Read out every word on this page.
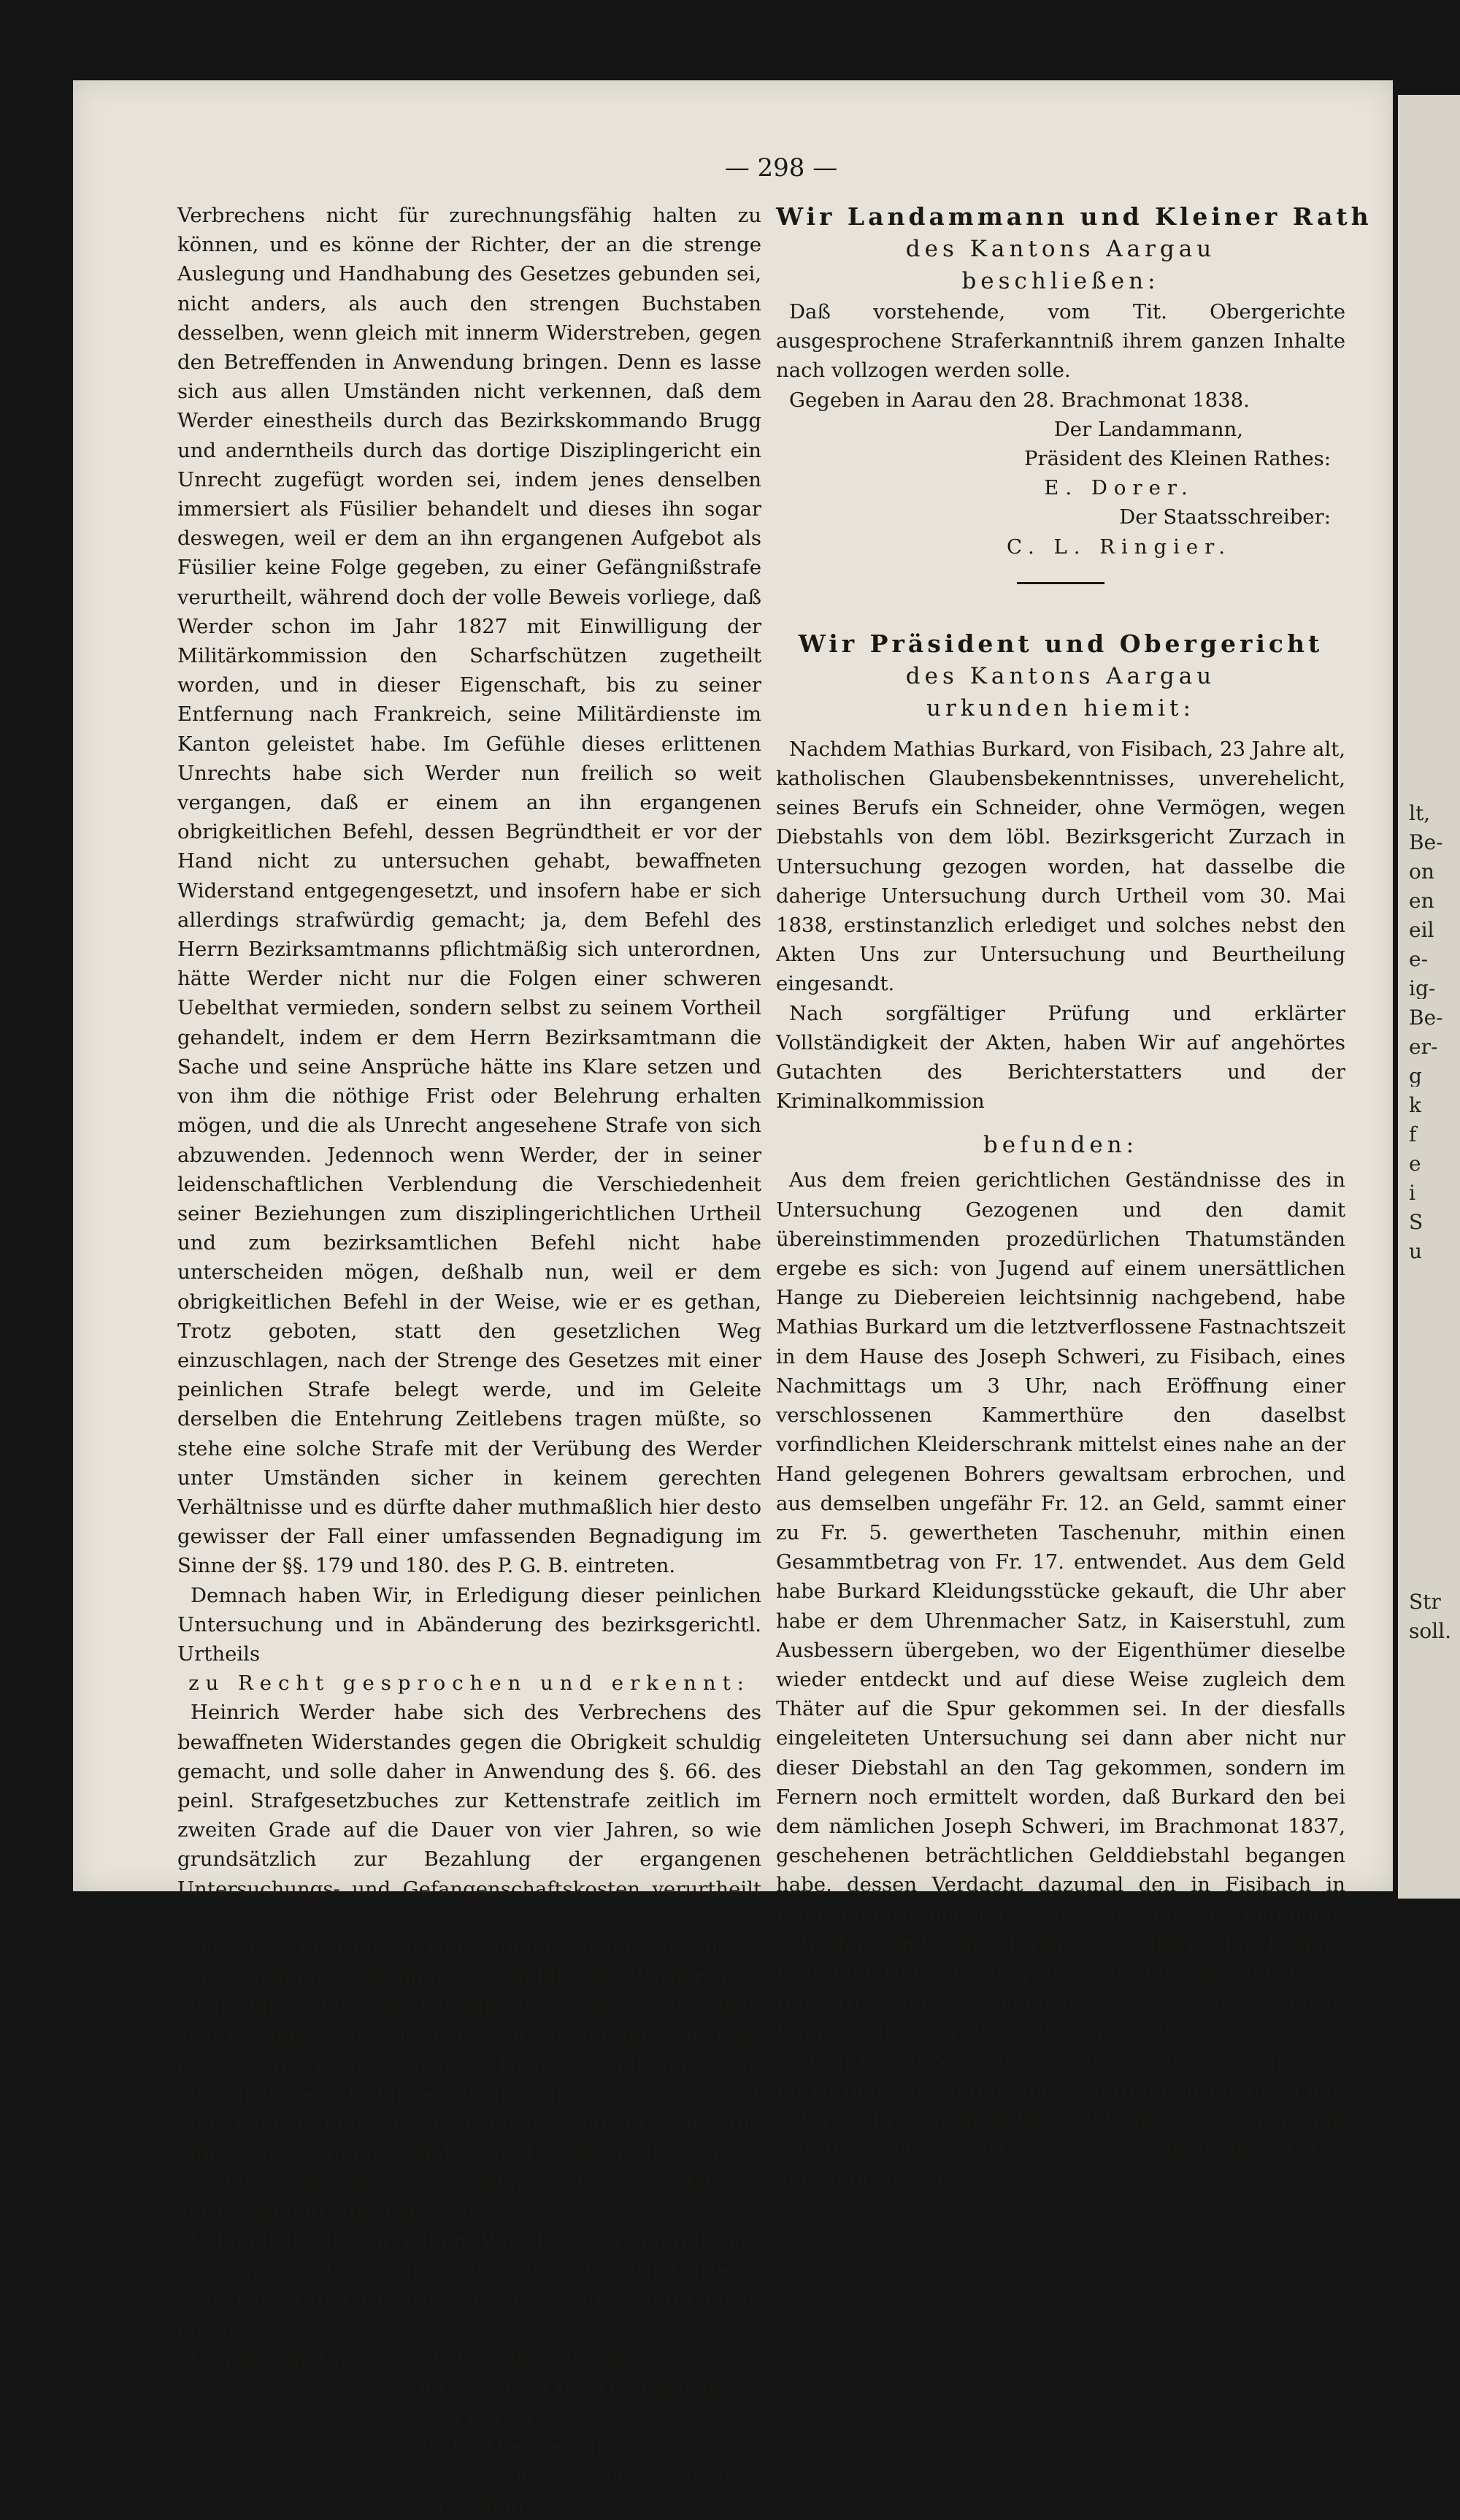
lt,
Be-
on
en
eil
e-
ig-
Be-
er-
g
k
f
e
i
S
u
Str
soll.
— 298 —

Verbrechens nicht für zurechnungsfähig halten zu können, und es könne der Richter, der an die strenge Auslegung und Handhabung des Gesetzes gebunden sei, nicht anders, als auch den strengen Buchstaben desselben, wenn gleich mit innerm Widerstreben, gegen den Betreffenden in Anwendung bringen. Denn es lasse sich aus allen Umständen nicht verkennen, daß dem Werder einestheils durch das Bezirkskommando Brugg und anderntheils durch das dortige Disziplingericht ein Unrecht zugefügt worden sei, indem jenes denselben immersiert als Füsilier behandelt und dieses ihn sogar deswegen, weil er dem an ihn ergangenen Aufgebot als Füsilier keine Folge gegeben, zu einer Gefängnißstrafe verurtheilt, während doch der volle Beweis vorliege, daß Werder schon im Jahr 1827 mit Einwilligung der Militärkommission den Scharfschützen zugetheilt worden, und in dieser Eigenschaft, bis zu seiner Entfernung nach Frankreich, seine Militärdienste im Kanton geleistet habe. Im Gefühle dieses erlittenen Unrechts habe sich Werder nun freilich so weit vergangen, daß er einem an ihn ergangenen obrigkeitlichen Befehl, dessen Begründtheit er vor der Hand nicht zu untersuchen gehabt, bewaffneten Widerstand entgegengesetzt, und insofern habe er sich allerdings strafwürdig gemacht; ja, dem Befehl des Herrn Bezirksamtmanns pflichtmäßig sich unterordnen, hätte Werder nicht nur die Folgen einer schweren Uebelthat vermieden, sondern selbst zu seinem Vortheil gehandelt, indem er dem Herrn Bezirksamtmann die Sache und seine Ansprüche hätte ins Klare setzen und von ihm die nöthige Frist oder Belehrung erhalten mögen, und die als Unrecht angesehene Strafe von sich abzuwenden. Jedennoch wenn Werder, der in seiner leidenschaftlichen Verblendung die Verschiedenheit seiner Beziehungen zum disziplingerichtlichen Urtheil und zum bezirksamtlichen Befehl nicht habe unterscheiden mögen, deßhalb nun, weil er dem obrigkeitlichen Befehl in der Weise, wie er es gethan, Trotz geboten, statt den gesetzlichen Weg einzuschlagen, nach der Strenge des Gesetzes mit einer peinlichen Strafe belegt werde, und im Geleite derselben die Entehrung Zeitlebens tragen müßte, so stehe eine solche Strafe mit der Verübung des Werder unter Umständen sicher in keinem gerechten Verhältnisse und es dürfte daher muthmaßlich hier desto gewisser der Fall einer umfassenden Begnadigung im Sinne der §§. 179 und 180. des P. G. B. eintreten.

Demnach haben Wir, in Erledigung dieser peinlichen Untersuchung und in Abänderung des bezirksgerichtl. Urtheils

zu Recht gesprochen und erkennt:

Heinrich Werder habe sich des Verbrechens des bewaffneten Widerstandes gegen die Obrigkeit schuldig gemacht, und solle daher in Anwendung des §. 66. des peinl. Strafgesetzbuches zur Kettenstrafe zeitlich im zweiten Grade auf die Dauer von vier Jahren, so wie grundsätzlich zur Bezahlung der ergangenen Untersuchungs- und Gefangenschaftskosten verurtheilt sein.

Da der obergerichtliche Endentscheid in dieser Untersuchungssache ohne Verschulden des Werder, aber auch ohne Schuld des Obergerichts ungewöhnlich lang sich verzögert, so solle dem Verurtheilten die vom Tage der untergerichtlichen Urtheilsausfällung an ausgehaltene Gefangenschaft an der Strafzeit abgerechnet und er auch nicht schuldig sein, die daherigen Gefangenschafts- und Nahrungskosten zu bezahlen; dieselben seien vielmehr der Gerichtskasse zur Bezahlung auferlegt. V. R. W.

Urkundlich dessen haben Wir diese Erkanntniß mit Unserm Siegel verwahren und durch Unsern HgHerrn Präsidenten und Unsern Gerichtsschreiber unterziehen lassen.

Gegeben in Aarau am 21. Brachmonat 1837.

Der Präsident des Obergerichts:

Tanner.

Namens des Obergerichts:

Der Gerichtsschreiber:

Ed. Rohr.

Wir Landammann und Kleiner Rath
des Kantons Aargau
beschließen:

Daß vorstehende, vom Tit. Obergerichte ausgesprochene Straferkanntniß ihrem ganzen Inhalte nach vollzogen werden solle.

Gegeben in Aarau den 28. Brachmonat 1838.

Der Landammann,

Präsident des Kleinen Rathes:

E. Dorer.

Der Staatsschreiber:

C. L. Ringier.

Wir Präsident und Obergericht
des Kantons Aargau
urkunden hiemit:

Nachdem Mathias Burkard, von Fisibach, 23 Jahre alt, katholischen Glaubensbekenntnisses, unverehelicht, seines Berufs ein Schneider, ohne Vermögen, wegen Diebstahls von dem löbl. Bezirksgericht Zurzach in Untersuchung gezogen worden, hat dasselbe die daherige Untersuchung durch Urtheil vom 30. Mai 1838, erstinstanzlich erlediget und solches nebst den Akten Uns zur Untersuchung und Beurtheilung eingesandt.

Nach sorgfältiger Prüfung und erklärter Vollständigkeit der Akten, haben Wir auf angehörtes Gutachten des Berichterstatters und der Kriminalkommission

befunden:

Aus dem freien gerichtlichen Geständnisse des in Untersuchung Gezogenen und den damit übereinstimmenden prozedürlichen Thatumständen ergebe es sich: von Jugend auf einem unersättlichen Hange zu Diebereien leichtsinnig nachgebend, habe Mathias Burkard um die letztverflossene Fastnachtszeit in dem Hause des Joseph Schweri, zu Fisibach, eines Nachmittags um 3 Uhr, nach Eröffnung einer verschlossenen Kammerthüre den daselbst vorfindlichen Kleiderschrank mittelst eines nahe an der Hand gelegenen Bohrers gewaltsam erbrochen, und aus demselben ungefähr Fr. 12. an Geld, sammt einer zu Fr. 5. gewertheten Taschenuhr, mithin einen Gesammtbetrag von Fr. 17. entwendet. Aus dem Geld habe Burkard Kleidungsstücke gekauft, die Uhr aber habe er dem Uhrenmacher Satz, in Kaiserstuhl, zum Ausbessern übergeben, wo der Eigenthümer dieselbe wieder entdeckt und auf diese Weise zugleich dem Thäter auf die Spur gekommen sei. In der diesfalls eingeleiteten Untersuchung sei dann aber nicht nur dieser Diebstahl an den Tag gekommen, sondern im Fernern noch ermittelt worden, daß Burkard den bei dem nämlichen Joseph Schweri, im Brachmonat 1837, geschehenen beträchtlichen Gelddiebstahl begangen habe, dessen Verdacht dazumal den in Fisibach in Diensten gestandenen Xaver Senn, von Unterendingen, betroffen; und ihm, obwohl unschuldig, eine längere Haft und Untersuchung auf den Hals gezogen habe. Burkard habe nämlich, wie aus seinen Eingeständnissen ebenfalls hervorgehe, zur besagten Zeit an einem Nachmittage, nach seiner Aussage blos im Vorbeiwege, durch eine Kelleröffnung hindurch den Schwert in seinem Keller Geld zählen gesehen, und sich die Stelle gemerkt, wo er dasselbe hingelegt. Um den sofort in ihm
